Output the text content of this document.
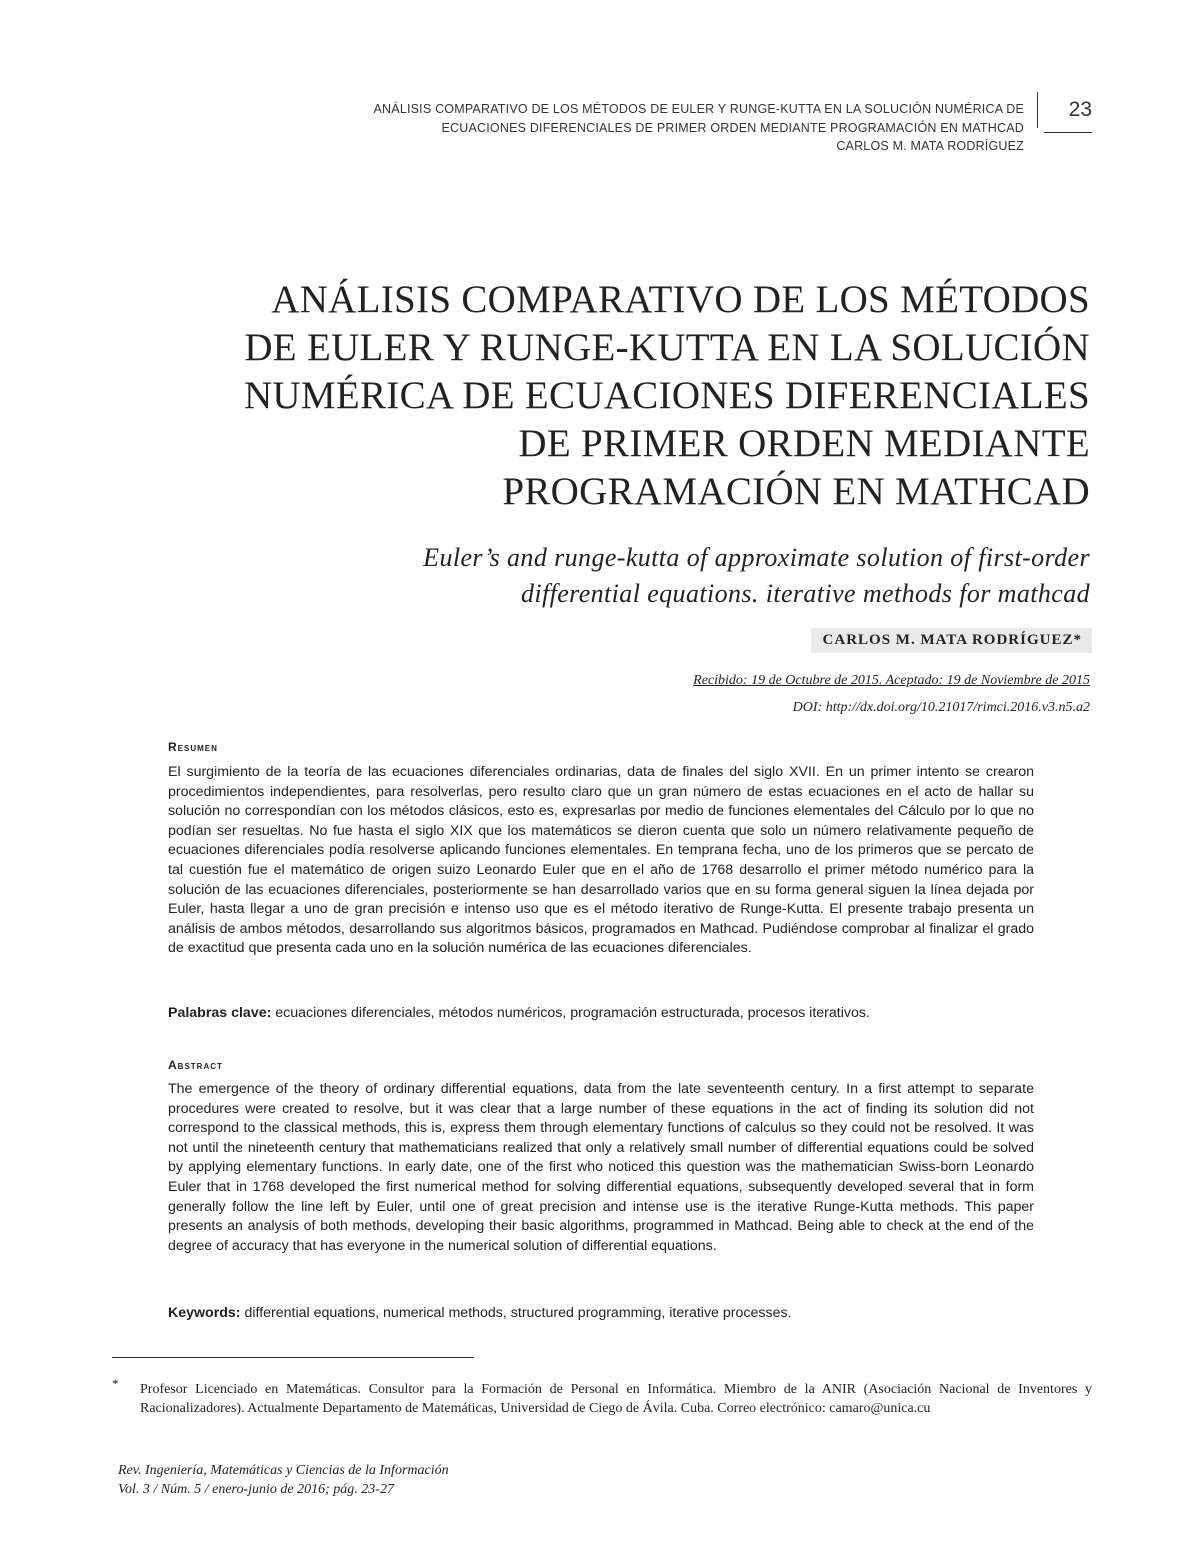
ANÁLISIS COMPARATIVO DE LOS MÉTODOS DE EULER Y RUNGE-KUTTA EN LA SOLUCIÓN NUMÉRICA DE
ECUACIONES DIFERENCIALES DE PRIMER ORDEN MEDIANTE PROGRAMACIÓN EN MATHCAD
CARLOS M. MATA RODRÍGUEZ
23
ANÁLISIS COMPARATIVO DE LOS MÉTODOS
DE EULER Y RUNGE-KUTTA EN LA SOLUCIÓN
NUMÉRICA DE ECUACIONES DIFERENCIALES
DE PRIMER ORDEN MEDIANTE
PROGRAMACIÓN EN MATHCAD
Euler’s and runge-kutta of approximate solution of first-order
differential equations. iterative methods for mathcad
CARLOS M. MATA RODRÍGUEZ*
Recibido: 19 de Octubre de 2015. Aceptado: 19 de Noviembre de 2015
DOI: http://dx.doi.org/10.21017/rimci.2016.v3.n5.a2
Resumen
El surgimiento de la teoría de las ecuaciones diferenciales ordinarias, data de finales del siglo XVII. En un primer intento se crearon procedimientos independientes, para resolverlas, pero resulto claro que un gran número de estas ecuaciones en el acto de hallar su solución no correspondían con los métodos clásicos, esto es, expresarlas por medio de funciones elementales del Cálculo por lo que no podían ser resueltas. No fue hasta el siglo XIX que los matemáticos se dieron cuenta que solo un número relativamente pequeño de ecuaciones diferenciales podía resolverse aplicando funciones elementales. En temprana fecha, uno de los primeros que se percato de tal cuestión fue el matemático de origen suizo Leonardo Euler que en el año de 1768 desarrollo el primer método numérico para la solución de las ecuaciones diferenciales, posteriormente se han desarrollado varios que en su forma general siguen la línea dejada por Euler, hasta llegar a uno de gran precisión e intenso uso que es el método iterativo de Runge-Kutta. El presente trabajo presenta un análisis de ambos métodos, desarrollando sus algoritmos básicos, programados en Mathcad. Pudiéndose comprobar al finalizar el grado de exactitud que presenta cada uno en la solución numérica de las ecuaciones diferenciales.
Palabras clave: ecuaciones diferenciales, métodos numéricos, programación estructurada, procesos iterativos.
Abstract
The emergence of the theory of ordinary differential equations, data from the late seventeenth century. In a first attempt to separate procedures were created to resolve, but it was clear that a large number of these equations in the act of finding its solution did not correspond to the classical methods, this is, express them through elementary functions of calculus so they could not be resolved. It was not until the nineteenth century that mathematicians realized that only a relatively small number of differential equations could be solved by applying elementary functions. In early date, one of the first who noticed this question was the mathematician Swiss-born Leonardo Euler that in 1768 developed the first numerical method for solving differential equations, subsequently developed several that in form generally follow the line left by Euler, until one of great precision and intense use is the iterative Runge-Kutta methods. This paper presents an analysis of both methods, developing their basic algorithms, programmed in Mathcad. Being able to check at the end of the degree of accuracy that has everyone in the numerical solution of differential equations.
Keywords: differential equations, numerical methods, structured programming, iterative processes.
* Profesor Licenciado en Matemáticas. Consultor para la Formación de Personal en Informática. Miembro de la ANIR (Asociación Nacional de Inventores y Racionalizadores). Actualmente Departamento de Matemáticas, Universidad de Ciego de Ávila. Cuba. Correo electrónico: camaro@unica.cu
Rev. Ingeniería, Matemáticas y Ciencias de la Información
Vol. 3 / Núm. 5 / enero-junio de 2016; pág. 23-27
